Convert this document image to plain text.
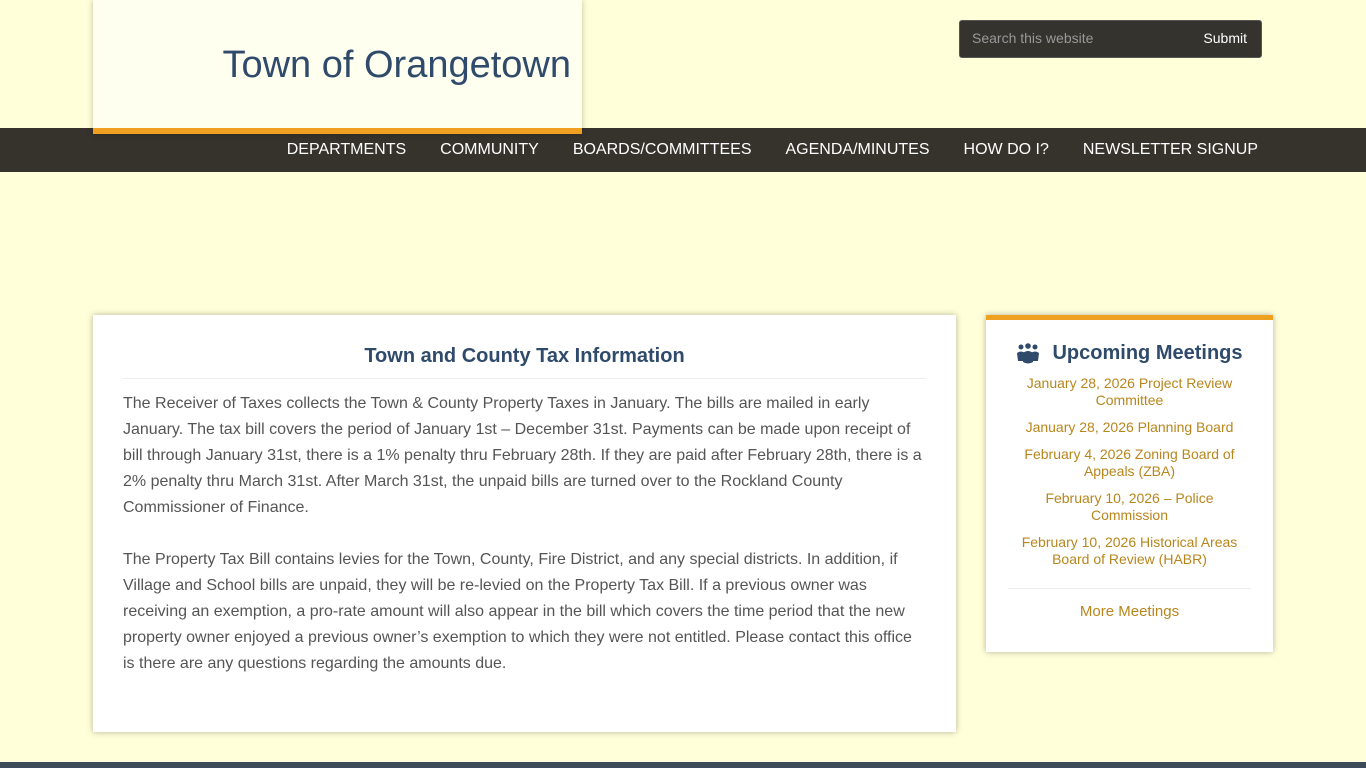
Town of Orangetown
Search this website
Submit
DEPARTMENTS COMMUNITY BOARDS/COMMITTEES AGENDA/MINUTES HOW DO I? NEWSLETTER SIGNUP
Town and County Tax Information

The Receiver of Taxes collects the Town & County Property Taxes in January. The bills are mailed in early January. The tax bill covers the period of January 1st – December 31st. Payments can be made upon receipt of bill through January 31st, there is a 1% penalty thru February 28th. If they are paid after February 28th, there is a 2% penalty thru March 31st. After March 31st, the unpaid bills are turned over to the Rockland County Commissioner of Finance.

The Property Tax Bill contains levies for the Town, County, Fire District, and any special districts. In addition, if Village and School bills are unpaid, they will be re-levied on the Property Tax Bill. If a previous owner was receiving an exemption, a pro-rate amount will also appear in the bill which covers the time period that the new property owner enjoyed a previous owner’s exemption to which they were not entitled. Please contact this office is there are any questions regarding the amounts due.

Upcoming Meetings
January 28, 2026 Project Review Committee
January 28, 2026 Planning Board
February 4, 2026 Zoning Board of Appeals (ZBA)
February 10, 2026 – Police Commission
February 10, 2026 Historical Areas Board of Review (HABR)
More Meetings
